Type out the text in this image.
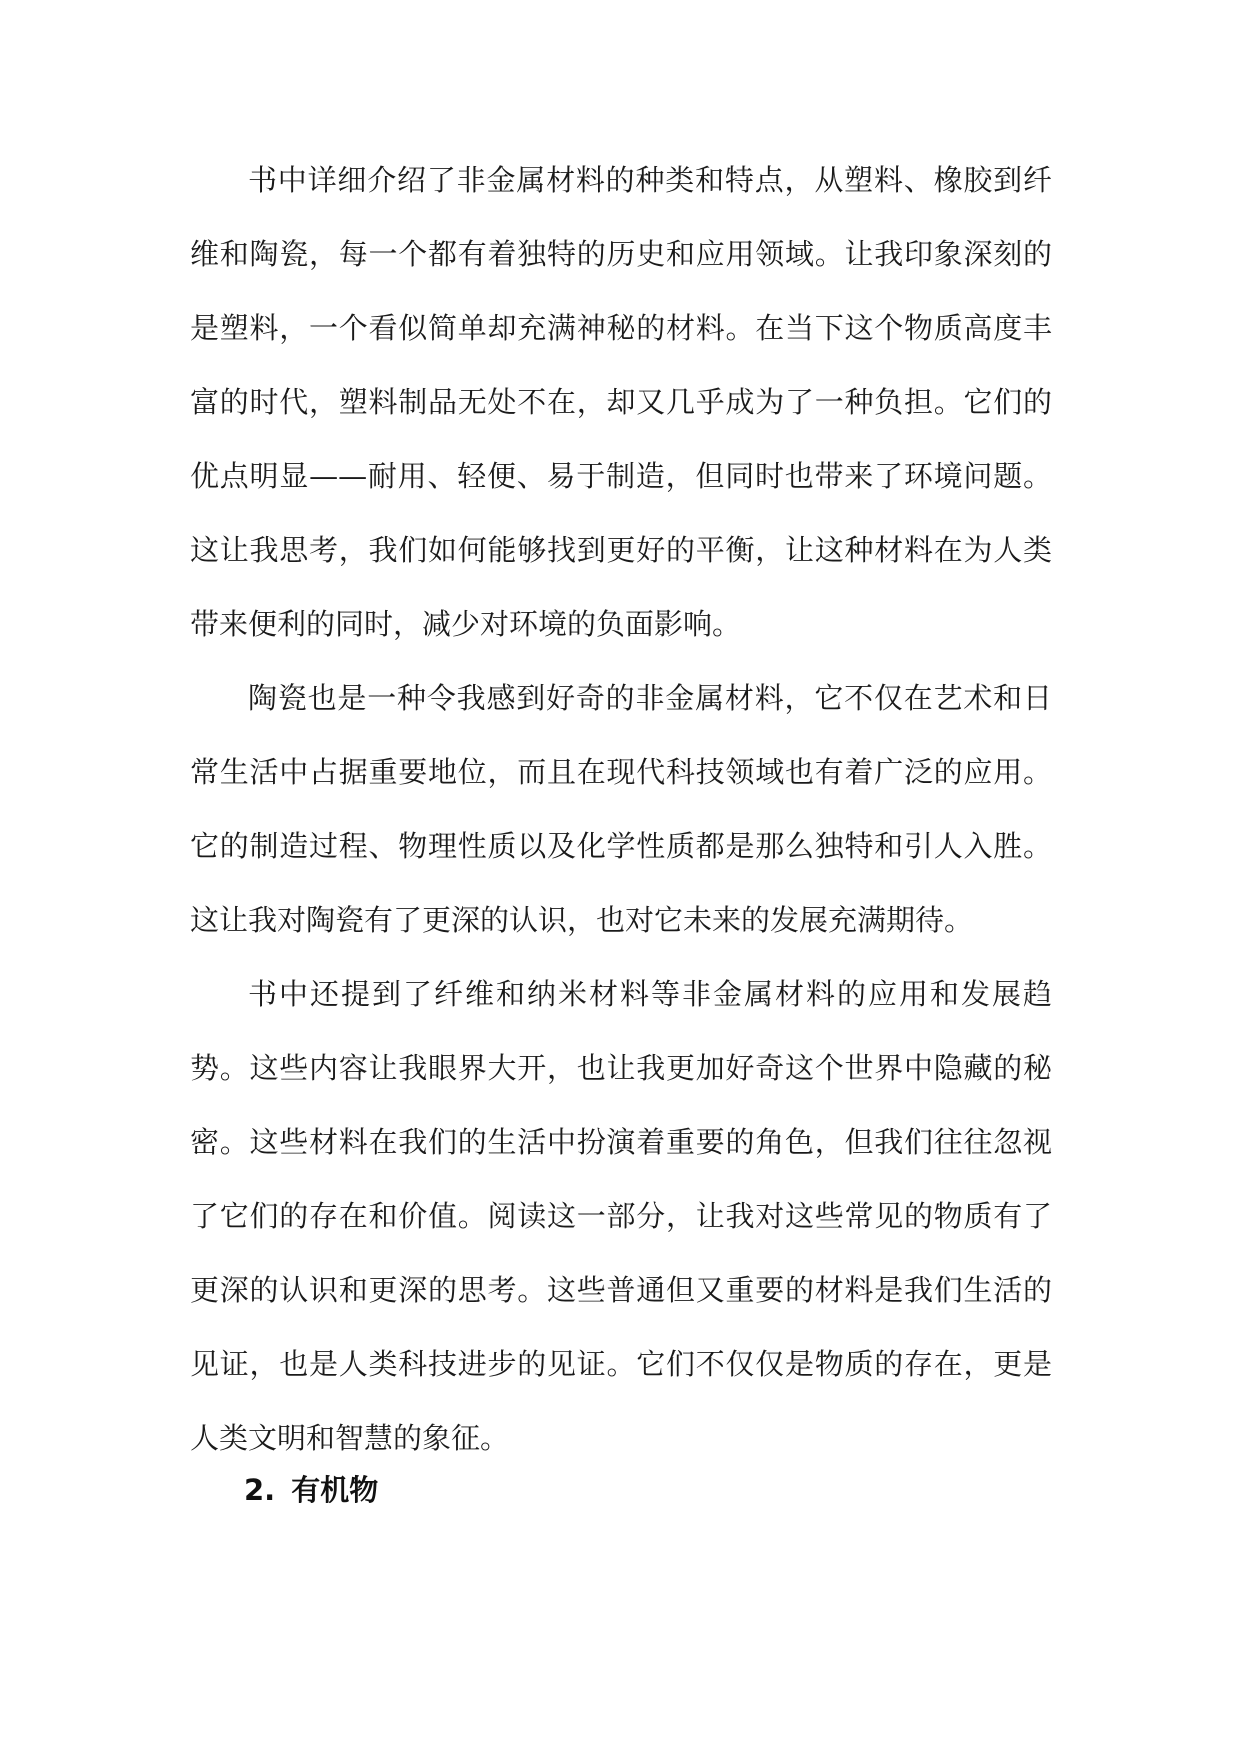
书中详细介绍了非金属材料的种类和特点，从塑料、橡胶到纤维和陶瓷，每一个都有着独特的历史和应用领域。让我印象深刻的是塑料，一个看似简单却充满神秘的材料。在当下这个物质高度丰富的时代，塑料制品无处不在，却又几乎成为了一种负担。它们的优点明显——耐用、轻便、易于制造，但同时也带来了环境问题。这让我思考，我们如何能够找到更好的平衡，让这种材料在为人类带来便利的同时，减少对环境的负面影响。

陶瓷也是一种令我感到好奇的非金属材料，它不仅在艺术和日常生活中占据重要地位，而且在现代科技领域也有着广泛的应用。它的制造过程、物理性质以及化学性质都是那么独特和引人入胜。这让我对陶瓷有了更深的认识，也对它未来的发展充满期待。

书中还提到了纤维和纳米材料等非金属材料的应用和发展趋势。这些内容让我眼界大开，也让我更加好奇这个世界中隐藏的秘密。这些材料在我们的生活中扮演着重要的角色，但我们往往忽视了它们的存在和价值。阅读这一部分，让我对这些常见的物质有了更深的认识和更深的思考。这些普通但又重要的材料是我们生活的见证，也是人类科技进步的见证。它们不仅仅是物质的存在，更是人类文明和智慧的象征。

2. 有机物
